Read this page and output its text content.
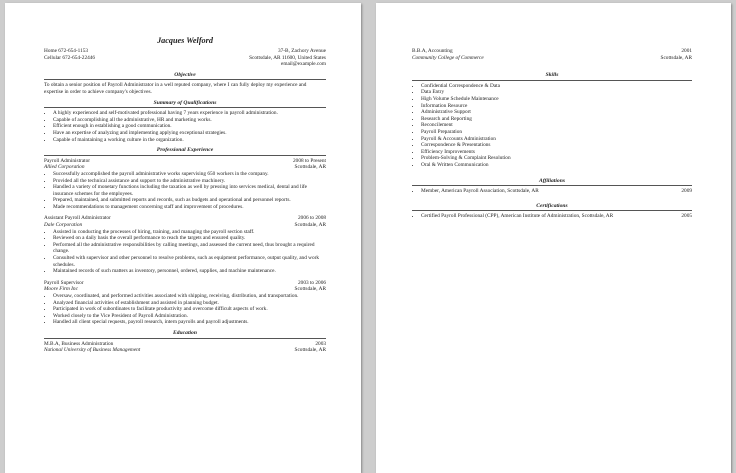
Jacques Welford
Home 672-654-1153	37-B, Zachory Avenue
Cellular 672-654-22446	Scottsdale, AR 11600, United States
email@example.com
Objective

To obtain a senior position of Payroll Administrator in a well reputed company, where I can fully deploy my experience and expertise in order to achieve company's objectives.

Summary of Qualifications
• A highly experienced and self-motivated professional having 7 years experience in payroll administration.
• Capable of accomplishing all the administrative, HR and marketing works.
• Efficient enough in establishing a good communication.
• Have an expertise of analyzing and implementing applying exceptional strategies.
• Capable of maintaining a working culture in the organization.
Professional Experience
Payroll Administrator	2008 to Present
Allied Corporation	Scottsdale, AR
• Successfully accomplished the payroll administrative works supervising 650 workers in the company.
• Provided all the technical assistance and support to the administrative machinery.
• Handled a variety of monetary functions including the taxation as well by pressing into services medical, dental and life insurance schemes for the employees.
• Prepared, maintained, and submitted reports and records, such as budgets and operational and personnel reports.
• Made recommendations to management concerning staff and improvement of procedures.
Assistant Payroll Administrator	2006 to 2008
Dale Corporation	Scottsdale, AR
• Assisted in conducting the processes of hiring, training, and managing the payroll section staff.
• Reviewed on a daily basis the overall performance to reach the targets and ensured quality.
• Performed all the administrative responsibilities by calling meetings, and assessed the current need, thus brought a required change.
• Consulted with supervisor and other personnel to resolve problems, such as equipment performance, output quality, and work schedules.
• Maintained records of such matters as inventory, personnel, ordered, supplies, and machine maintenance.
Payroll Supervisor	2003 to 2006
Moore Firm Inc	Scottsdale, AR
• Oversaw, coordinated, and performed activities associated with shipping, receiving, distribution, and transportation.
• Analyzed financial activities of establishment and assisted in planning budget.
• Participated in work of subordinates to facilitate productivity and overcome difficult aspects of work.
• Worked closely to the Vice President of Payroll Administration.
• Handled all client special requests, payroll research, intern payrolls and payroll adjustments.
Education
M.B.A, Business Administration	2003
National University of Business Management	Scottsdale, AR
B.B.A, Accounting	2001
Community College of Commerce	Scottsdale, AR
Skills
• Confidential Correspondence & Data
• Data Entry
• High Volume Schedule Maintenance
• Information Resource
• Administrative Support
• Research and Reporting
• Reconcilement
• Payroll Preparation
• Payroll & Accounts Administration
• Correspondence & Presentations
• Efficiency Improvements
• Problem-Solving & Complaint Resolution
• Oral & Written Communication
Affiliations
• Member, American Payroll Association, Scottsdale, AR	2009
Certifications
• Certified Payroll Professional (CPP), American Institute of Administration, Scottsdale, AR	2005
